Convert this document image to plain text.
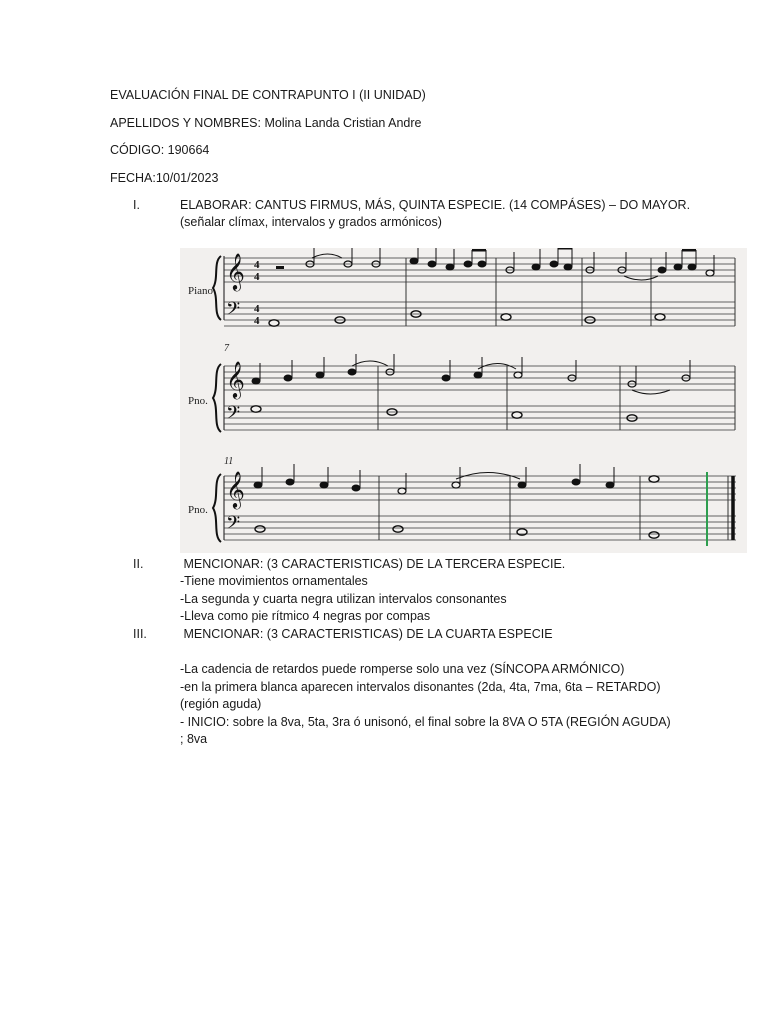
EVALUACIÓN FINAL DE CONTRAPUNTO I (II UNIDAD)
APELLIDOS Y NOMBRES: Molina Landa Cristian Andre
CÓDIGO: 190664
FECHA:10/01/2023
I.	ELABORAR: CANTUS FIRMUS, MÁS, QUINTA ESPECIE. (14 COMPÁSES) – DO MAYOR.
(señalar clímax, intervalos y grados armónicos)
Piano
𝄞
𝄢
4
4
4
4
7
Pno.
𝄞
𝄢
11
Pno.
𝄞
𝄢
II.	MENCIONAR: (3 CARACTERISTICAS) DE LA TERCERA ESPECIE.
-Tiene movimientos ornamentales
-La segunda y cuarta negra utilizan intervalos consonantes
-Lleva como pie rítmico 4 negras por compas
III.	MENCIONAR: (3 CARACTERISTICAS) DE LA CUARTA ESPECIE
-La cadencia de retardos puede romperse solo una vez (SÍNCOPA ARMÓNICO)
-en la primera blanca aparecen intervalos disonantes (2da, 4ta, 7ma, 6ta – RETARDO)
(región aguda)
- INICIO: sobre la 8va, 5ta, 3ra ó unisonó, el final sobre la 8VA O 5TA (REGIÓN AGUDA)
; 8va
